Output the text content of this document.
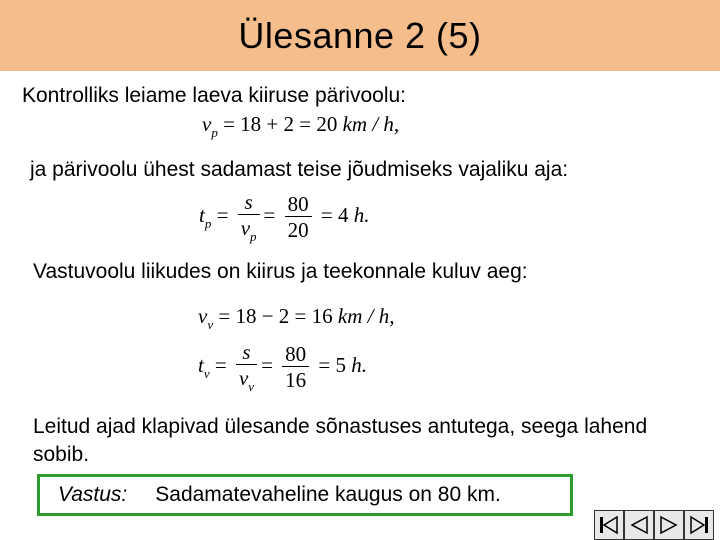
Ülesanne 2 (5)
Kontrolliks leiame laeva kiiruse pärivoolu:
$v_p = 18 + 2 = 20$ km / h,
ja pärivoolu ühest sadamast teise jõudmiseks vajaliku aja:
$t_p = \frac{s}{v_p} = \frac{80}{20} = 4$ h.
Vastuvoolu liikudes on kiirus ja teekonnale kuluv aeg:
$v_v = 18 - 2 = 16$ km / h,
$t_v = \frac{s}{v_v} = \frac{80}{16} = 5$ h.
Leitud ajad klapivad ülesande sõnastuses antutega, seega lahend sobib.
Vastus: Sadamatevaheline kaugus on 80 km.
